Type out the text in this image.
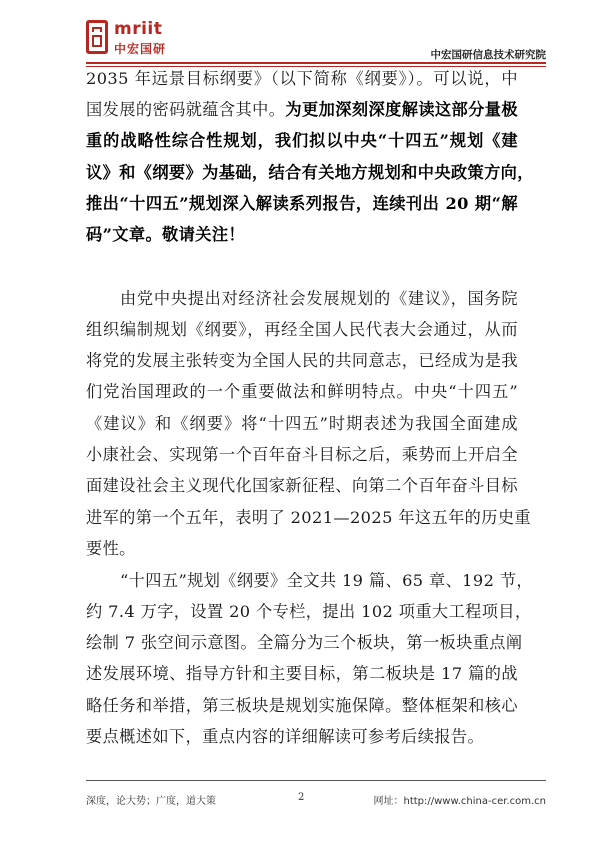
mriit
中宏国研	中宏国研信息技术研究院
2035 年远景目标纲要》（以下简称《纲要》）。可以说，中
国发展的密码就蕴含其中。为更加深刻深度解读这部分量极
重的战略性综合性规划，我们拟以中央“十四五”规划《建
议》和《纲要》为基础，结合有关地方规划和中央政策方向，
推出“十四五”规划深入解读系列报告，连续刊出 20 期“解
码”文章。敬请关注！
由党中央提出对经济社会发展规划的《建议》，国务院
组织编制规划《纲要》，再经全国人民代表大会通过，从而
将党的发展主张转变为全国人民的共同意志，已经成为是我
们党治国理政的一个重要做法和鲜明特点。中央“十四五”
《建议》和《纲要》将“十四五”时期表述为我国全面建成
小康社会、实现第一个百年奋斗目标之后，乘势而上开启全
面建设社会主义现代化国家新征程、向第二个百年奋斗目标
进军的第一个五年，表明了 2021—2025 年这五年的历史重
要性。
“十四五”规划《纲要》全文共 19 篇、65 章、192 节，
约 7.4 万字，设置 20 个专栏，提出 102 项重大工程项目，
绘制 7 张空间示意图。全篇分为三个板块，第一板块重点阐
述发展环境、指导方针和主要目标，第二板块是 17 篇的战
略任务和举措，第三板块是规划实施保障。整体框架和核心
要点概述如下，重点内容的详细解读可参考后续报告。
深度，论大势；广度，道大策	2	网址：http://www.china-cer.com.cn
